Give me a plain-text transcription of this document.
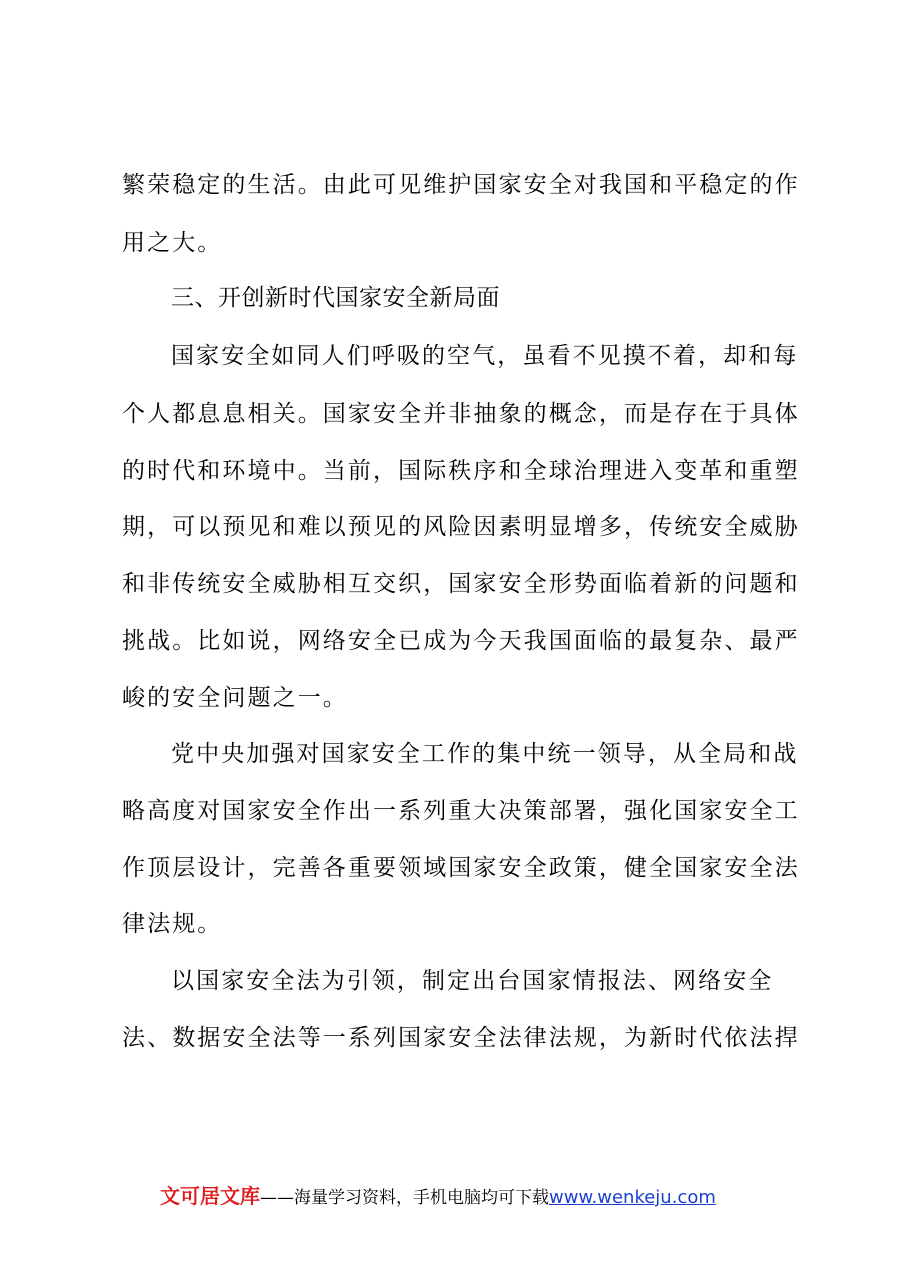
繁荣稳定的生活。由此可见维护国家安全对我国和平稳定的作
用之大。
三、开创新时代国家安全新局面
国家安全如同人们呼吸的空气，虽看不见摸不着，却和每
个人都息息相关。国家安全并非抽象的概念，而是存在于具体
的时代和环境中。当前，国际秩序和全球治理进入变革和重塑
期，可以预见和难以预见的风险因素明显增多，传统安全威胁
和非传统安全威胁相互交织，国家安全形势面临着新的问题和
挑战。比如说，网络安全已成为今天我国面临的最复杂、最严
峻的安全问题之一。
党中央加强对国家安全工作的集中统一领导，从全局和战
略高度对国家安全作出一系列重大决策部署，强化国家安全工
作顶层设计，完善各重要领域国家安全政策，健全国家安全法
律法规。
以国家安全法为引领，制定出台国家情报法、网络安全
法、数据安全法等一系列国家安全法律法规，为新时代依法捍
文可居文库——海量学习资料，手机电脑均可下载www.wenkeju.com
